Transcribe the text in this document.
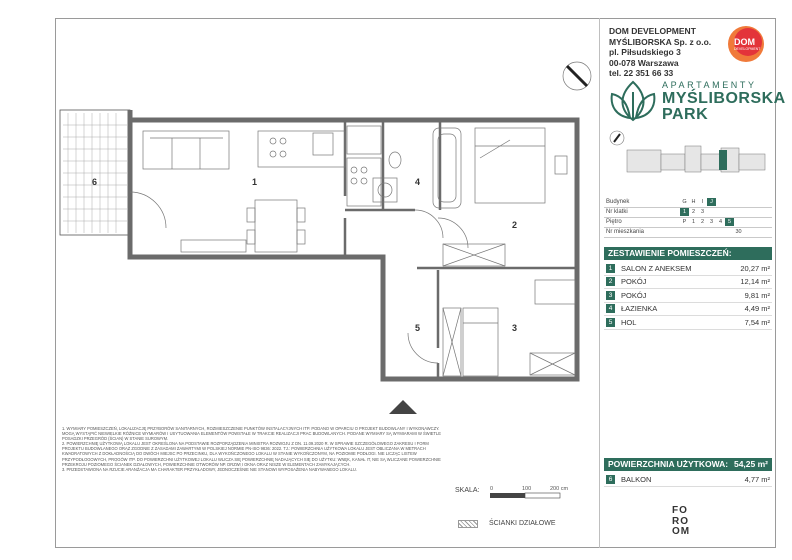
1
2
3
4
5
6
DOM DEVELOPMENT
MYŚLIBORSKA Sp. z o.o.
pl. Piłsudskiego 3
00-078 Warszawa
tel. 22 351 66 33
DOM
DEVELOPMENT
APARTAMENTY
MYŚLIBORSKA
PARK
Budynek	G H	I	J
Nr klatki	1	2	3
Piętro	P	1	2	3	4	5
Nr mieszkania	30
ZESTAWIENIE POMIESZCZEŃ:
1	SALON Z ANEKSEM	20,27 m²
2	POKÓJ	12,14 m²
3	POKÓJ	9,81 m²
4	ŁAZIENKA	4,49 m²
5	HOL	7,54 m²
POWIERZCHNIA UŻYTKOWA: 54,25 m²
6	BALKON	4,77 m²

1. WYMIARY POMIESZCZEŃ, LOKALIZACJĘ PRZYBORÓW SANITARNYCH, ROZMIESZCZENIE PUNKTÓW INSTALACYJNYCH ITP. PODANO W OPARCIU O PROJEKT BUDOWLANY I WYKONAWCZY. MOGĄ WYSTĄPIĆ NIEWIELKIE RÓŻNICE WYMIARÓW I USYTUOWANIA ELEMENTÓW POWSTAŁE W TRAKCIE REALIZACJI PRAC BUDOWLANYCH. PODANE WYMIARY SĄ WYMIARAMI W ŚWIETLE POSADZKI PRZEGRÓD (ŚCIAN) W STANIE SUROWYM.

2. POWIERZCHNIĘ UŻYTKOWĄ LOKALU JEST OKREŚLONA NA PODSTAWIE ROZPORZĄDZENIA MINISTRA ROZWOJU Z DN. 11.09.2020 R. W SPRAWIE SZCZEGÓŁOWEGO ZAKRESU I FORM PROJEKTU BUDOWLANEGO ORAZ ZGODNIE Z ZASADAMI ZAWARTYMI W POLSKIEJ NORMIE PN-ISO 9836: 2022. TJ.: POWIERZCHNIA UŻYTKOWA LOKALU JEST OBLICZANA W METRACH KWADRATOWYCH Z DOKŁADNOŚCIĄ DO DWÓCH MIEJSC PO PRZECINKU, DLA WYKOŃCZONEGO LOKALU W STANIE WYKOŃCZONYM, NA POZIOMIE PODŁOGI. NIE LICZĄC LISTEW PRZYPODŁOGOWYCH, PROGÓW ITP. DO POWIERZCHNI UŻYTKOWEJ LOKALU WLICZA SIĘ POWIERZCHNIĘ NADAJĄCYCH SIĘ DO UŻYTKU: WNĘK, KANAŁ IT, NIE SĄ WLICZANE POWIERZCHNIE PRZEKROJU POZIOMEGO ŚCIANEK DZIAŁOWYCH, POWIERZCHNIE OTWORÓW NP. DRZWI I OKNA ORAZ NISZE W ELEMENTACH ZAMYKAJĄCYCH.

3. PRZEDSTAWIONA NA RZUCIE ARANŻACJA MA CHARAKTER PRZYKŁADOWY, JEDNOCZEŚNIE NIE STANOWI WYPOSAŻENIA NABYWANEGO LOKALU.

SKALA: 0	100	200 cm
ŚCIANKI DZIAŁOWE
FO
RO
OM
